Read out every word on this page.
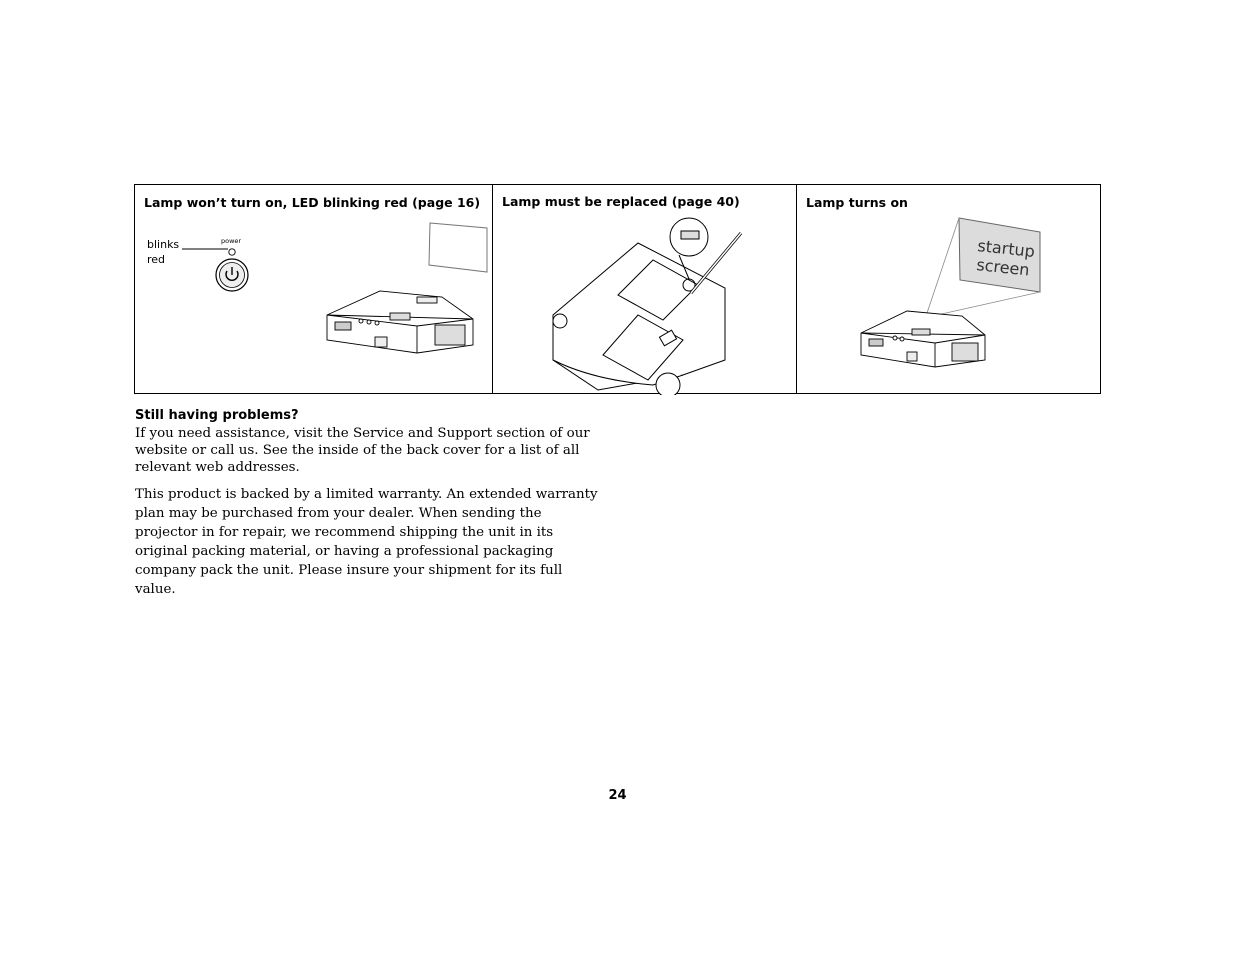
Lamp won’t turn on, LED blinking red (page 16)

blinks
red
power

Lamp must be replaced (page 40)	Lamp turns on

startup
screen
Still having problems?

If you need assistance, visit the Service and Support section of our website or call us. See the inside of the back cover for a list of all relevant web addresses.

This product is backed by a limited warranty. An extended warranty plan may be purchased from your dealer. When sending the projector in for repair, we recommend shipping the unit in its original packing material, or having a professional packaging company pack the unit. Please insure your shipment for its full value.

24
